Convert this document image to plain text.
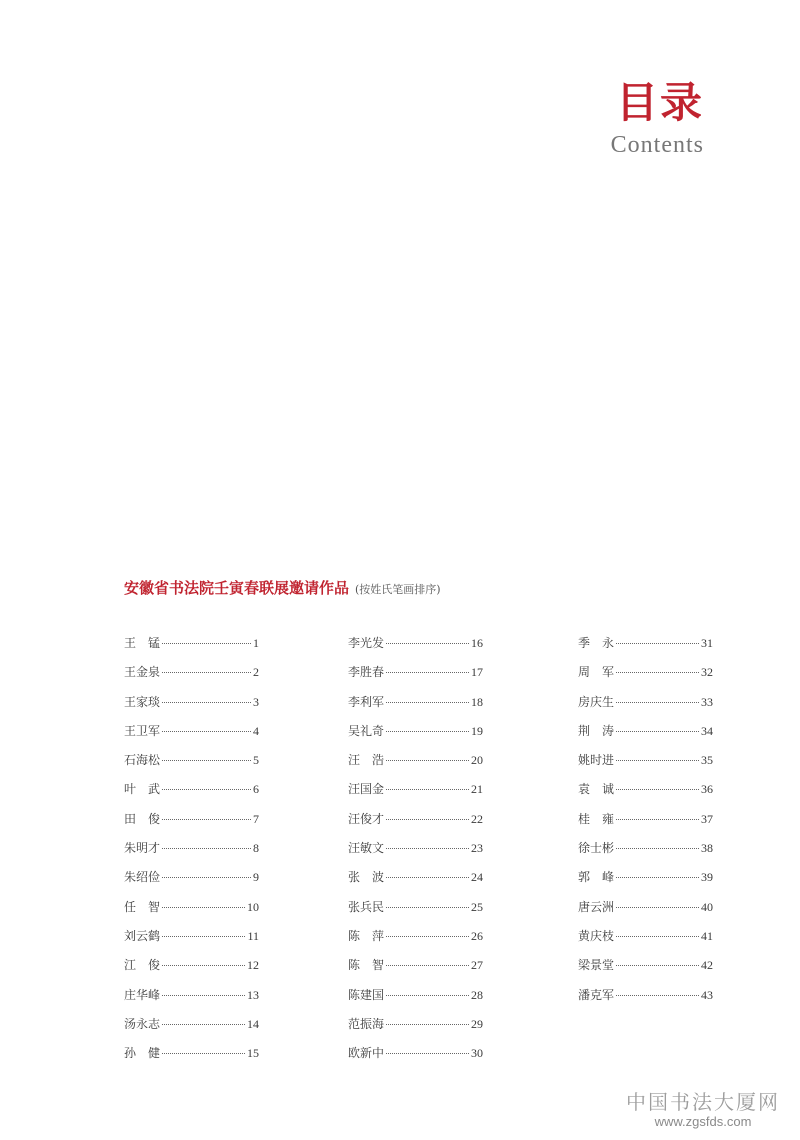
目录
Contents
安徽省书法院壬寅春联展邀请作品 (按姓氏笔画排序)
王　锰	1
王金泉	2
王家琰	3
王卫军	4
石海松	5
叶　武	6
田　俊	7
朱明才	8
朱绍俭	9
任　智	10
刘云鹤	11
江　俊	12
庄华峰	13
汤永志	14
孙　健	15
李光发	16
李胜春	17
李利军	18
吴礼奇	19
汪　浩	20
汪国金	21
汪俊才	22
汪敏文	23
张　波	24
张兵民	25
陈　萍	26
陈　智	27
陈建国	28
范振海	29
欧新中	30
季　永	31
周　军	32
房庆生	33
荆　涛	34
姚时进	35
袁　诚	36
桂　雍	37
徐士彬	38
郭　峰	39
唐云洲	40
黄庆枝	41
梁景堂	42
潘克军	43
中国书法大厦网
www.zgsfds.com
